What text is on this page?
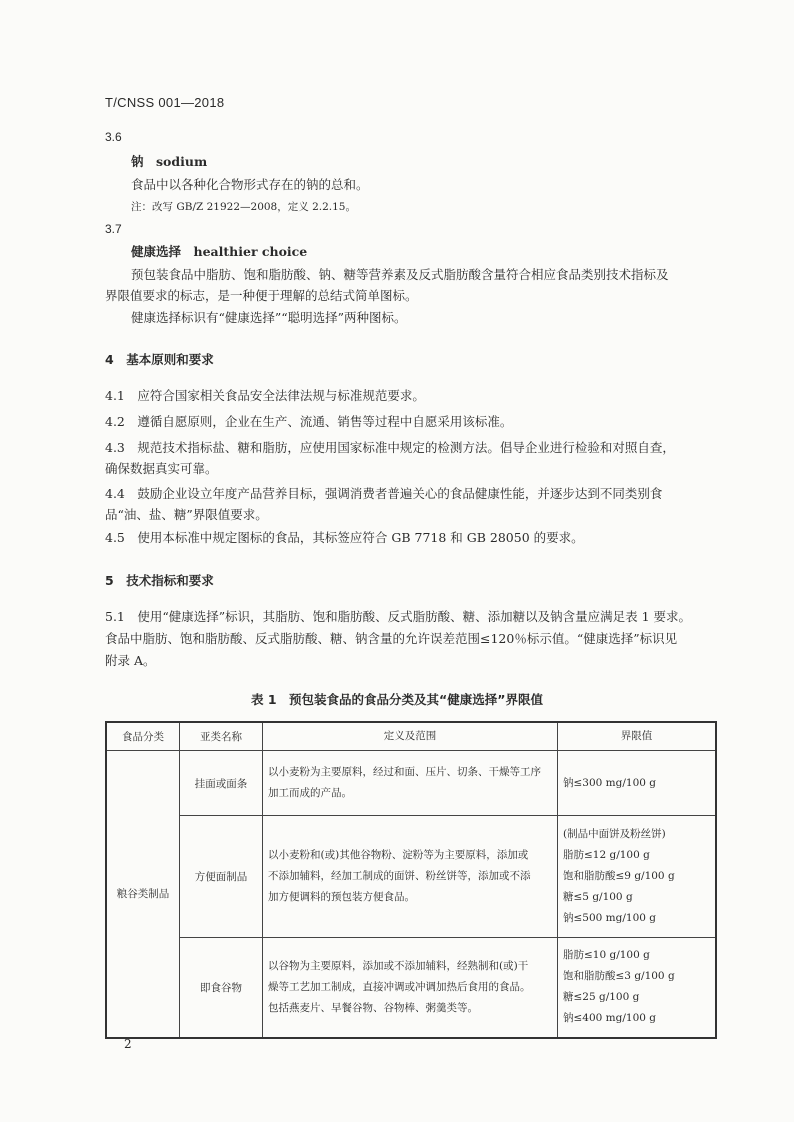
T/CNSS 001—2018
3.6
钠　sodium
食品中以各种化合物形式存在的钠的总和。
注：改写 GB/Z 21922—2008，定义 2.2.15。
3.7
健康选择　healthier choice
预包装食品中脂肪、饱和脂肪酸、钠、糖等营养素及反式脂肪酸含量符合相应食品类别技术指标及
界限值要求的标志，是一种便于理解的总结式简单图标。
健康选择标识有“健康选择”“聪明选择”两种图标。
4　基本原则和要求
4.1　应符合国家相关食品安全法律法规与标准规范要求。
4.2　遵循自愿原则，企业在生产、流通、销售等过程中自愿采用该标准。
4.3　规范技术指标盐、糖和脂肪，应使用国家标准中规定的检测方法。倡导企业进行检验和对照自查，
确保数据真实可靠。
4.4　鼓励企业设立年度产品营养目标，强调消费者普遍关心的食品健康性能，并逐步达到不同类别食
品“油、盐、糖”界限值要求。
4.5　使用本标准中规定图标的食品，其标签应符合 GB 7718 和 GB 28050 的要求。
5　技术指标和要求
5.1　使用“健康选择”标识，其脂肪、饱和脂肪酸、反式脂肪酸、糖、添加糖以及钠含量应满足表 1 要求。
食品中脂肪、饱和脂肪酸、反式脂肪酸、糖、钠含量的允许误差范围≤120％标示值。“健康选择”标识见
附录 A。
表 1　预包装食品的食品分类及其“健康选择”界限值
食品分类	亚类名称	定义及范围	界限值
粮谷类制品	挂面或面条	以小麦粉为主要原料，经过和面、压片、切条、干燥等工序
加工而成的产品。	钠≤300 mg/100 g

	方便面制品	以小麦粉和(或)其他谷物粉、淀粉等为主要原料，添加或
不添加辅料，经加工制成的面饼、粉丝饼等，添加或不添
加方便调料的预包装方便食品。	(制品中面饼及粉丝饼)
脂肪≤12 g/100 g
饱和脂肪酸≤9 g/100 g
糖≤5 g/100 g
钠≤500 mg/100 g

	即食谷物	以谷物为主要原料，添加或不添加辅料，经熟制和(或)干
燥等工艺加工制成，直接冲调或冲调加热后食用的食品。
包括燕麦片、早餐谷物、谷物棒、粥羹类等。	脂肪≤10 g/100 g
饱和脂肪酸≤3 g/100 g
糖≤25 g/100 g
钠≤400 mg/100 g
2
